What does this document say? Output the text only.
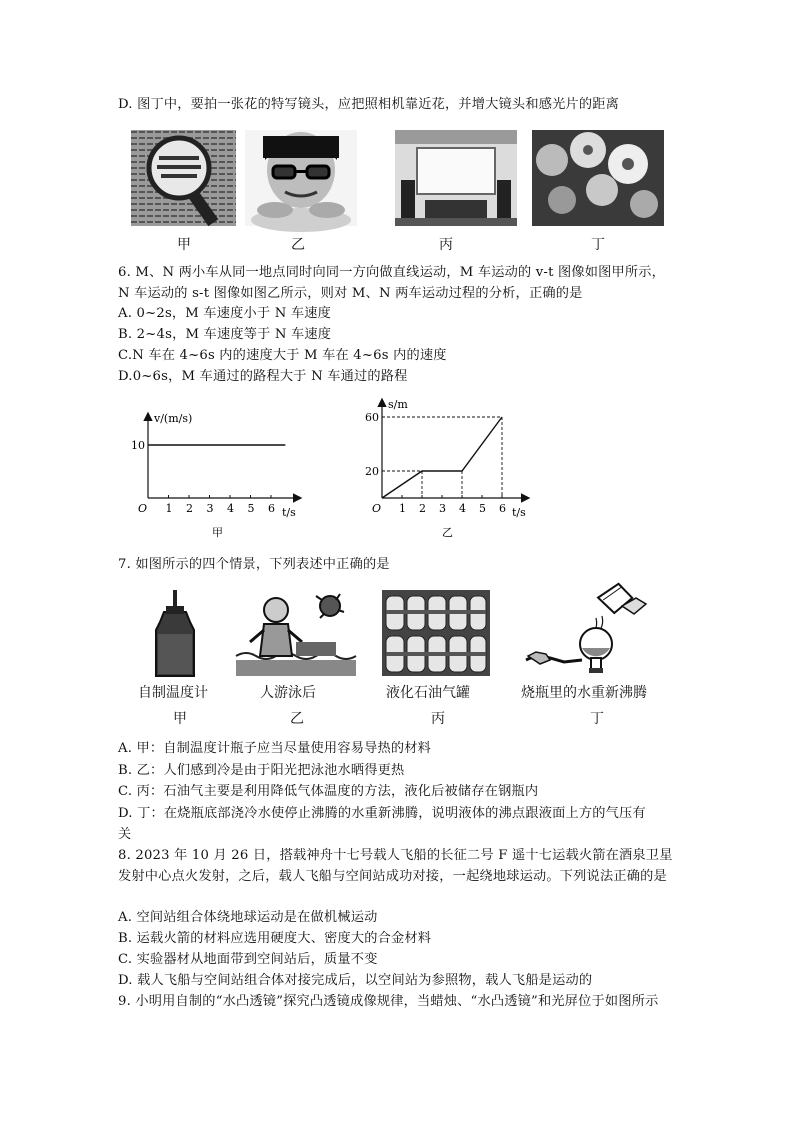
D. 图丁中，要拍一张花的特写镜头，应把照相机靠近花，并增大镜头和感光片的距离
甲	乙	丙	丁
6. M、N 两小车从同一地点同时向同一方向做直线运动，M 车运动的 v-t 图像如图甲所示，
N 车运动的 s-t 图像如图乙所示，则对 M、N 两车运动过程的分析，正确的是
A. 0~2s，M 车速度小于 N 车速度
B. 2~4s，M 车速度等于 N 车速度
C.N 车在 4~6s 内的速度大于 M 车在 4~6s 内的速度
D.0~6s，M 车通过的路程大于 N 车通过的路程
1 2 3 4 5 6
10
v/(m/s)
t/s
O
甲
1 2 3 4 5 6
20
60
s/m
t/s
O
乙
7. 如图所示的四个情景，下列表述中正确的是
自制温度计	人游泳后	液化石油气罐	烧瓶里的水重新沸腾
甲	乙	丙	丁
A. 甲：自制温度计瓶子应当尽量使用容易导热的材料
B. 乙：人们感到冷是由于阳光把泳池水晒得更热
C. 丙：石油气主要是利用降低气体温度的方法，液化后被储存在钢瓶内
D. 丁：在烧瓶底部浇冷水使停止沸腾的水重新沸腾，说明液体的沸点跟液面上方的气压有
关
8. 2023 年 10 月 26 日，搭载神舟十七号载人飞船的长征二号 F 遥十七运载火箭在酒泉卫星
发射中心点火发射，之后，载人飞船与空间站成功对接，一起绕地球运动。下列说法正确的是
A. 空间站组合体绕地球运动是在做机械运动
B. 运载火箭的材料应选用硬度大、密度大的合金材料
C. 实验器材从地面带到空间站后，质量不变
D. 载人飞船与空间站组合体对接完成后，以空间站为参照物，载人飞船是运动的
9. 小明用自制的“水凸透镜”探究凸透镜成像规律，当蜡烛、“水凸透镜”和光屏位于如图所示
